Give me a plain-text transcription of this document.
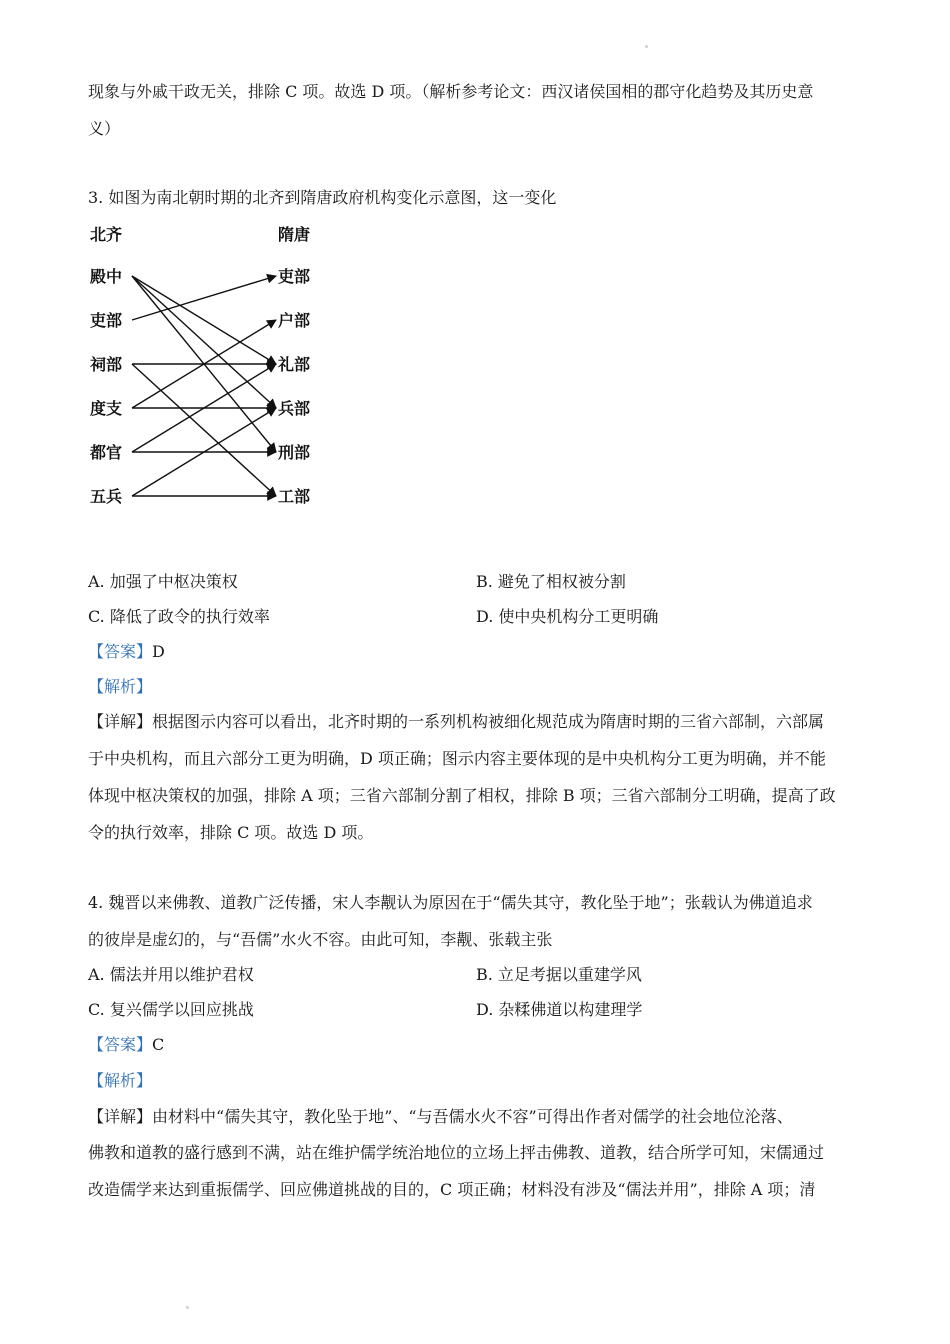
现象与外戚干政无关，排除 C 项。故选 D 项。（解析参考论文：西汉诸侯国相的郡守化趋势及其历史意
义）
3. 如图为南北朝时期的北齐到隋唐政府机构变化示意图，这一变化
北齐	隋唐
殿中
吏部
祠部
度支
都官
五兵
吏部
户部
礼部
兵部
刑部
工部
A. 加强了中枢决策权	B. 避免了相权被分割
C. 降低了政令的执行效率	D. 使中央机构分工更明确
【答案】D
【解析】
【详解】根据图示内容可以看出，北齐时期的一系列机构被细化规范成为隋唐时期的三省六部制，六部属
于中央机构，而且六部分工更为明确，D 项正确；图示内容主要体现的是中央机构分工更为明确，并不能
体现中枢决策权的加强，排除 A 项；三省六部制分割了相权，排除 B 项；三省六部制分工明确，提高了政
令的执行效率，排除 C 项。故选 D 项。
4. 魏晋以来佛教、道教广泛传播，宋人李觏认为原因在于“儒失其守，教化坠于地”；张载认为佛道追求
的彼岸是虚幻的，与“吾儒”水火不容。由此可知，李觏、张载主张
A. 儒法并用以维护君权	B. 立足考据以重建学风
C. 复兴儒学以回应挑战	D. 杂糅佛道以构建理学
【答案】C
【解析】
【详解】由材料中“儒失其守，教化坠于地”、“与吾儒水火不容”可得出作者对儒学的社会地位沦落、
佛教和道教的盛行感到不满，站在维护儒学统治地位的立场上抨击佛教、道教，结合所学可知，宋儒通过
改造儒学来达到重振儒学、回应佛道挑战的目的，C 项正确；材料没有涉及“儒法并用”，排除 A 项；清
